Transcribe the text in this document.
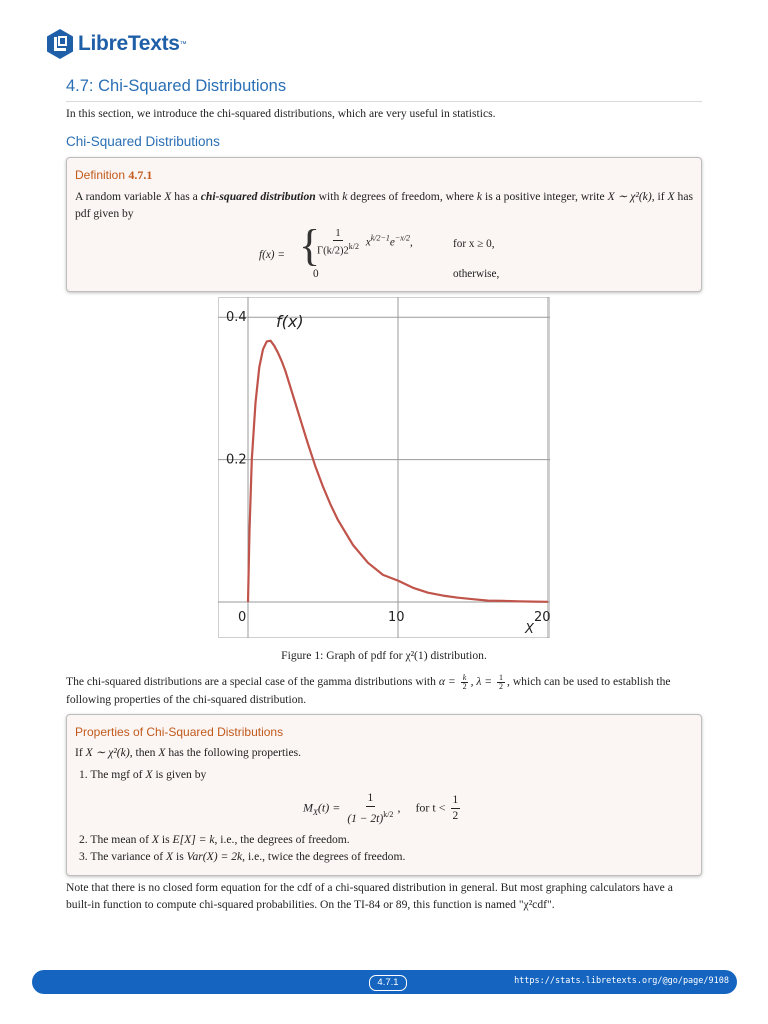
LibreTexts ™
4.7: Chi-Squared Distributions
In this section, we introduce the chi-squared distributions, which are very useful in statistics.
Chi-Squared Distributions
Definition 4.7.1
A random variable X has a chi-squared distribution with k degrees of freedom, where k is a positive integer, write X ∼ χ²(k), if X has pdf given by
f(x) = {
$\frac{1}{\Gamma(k/2)2^{k/2}} x^{k/2-1}e^{-x/2}$,	for x ≥ 0,
0	otherwise,
0	10	20
0.2
0.4 f(x)
X
Figure 1: Graph of pdf for χ²(1) distribution.
The chi-squared distributions are a special case of the gamma distributions with $\alpha = \frac{k}{2}$ , $\lambda = \frac{1}{2}$ , which can be used to establish the
following properties of the chi-squared distribution.
Properties of Chi-Squared Distributions
If X ∼ χ²(k), then X has the following properties.
1. The mgf of X is given by
$M_X(t) = \frac{1}{(1 - 2t)^{k/2}}$ , for $t < \frac{1}{2}$
2. The mean of X is E[X] = k, i.e., the degrees of freedom.
3. The variance of X is Var(X) = 2k, i.e., twice the degrees of freedom.
Note that there is no closed form equation for the cdf of a chi-squared distribution in general. But most graphing calculators have a
built-in function to compute chi-squared probabilities. On the TI-84 or 89, this function is named "χ²cdf".
4.7.1	https://stats.libretexts.org/@go/page/9108
